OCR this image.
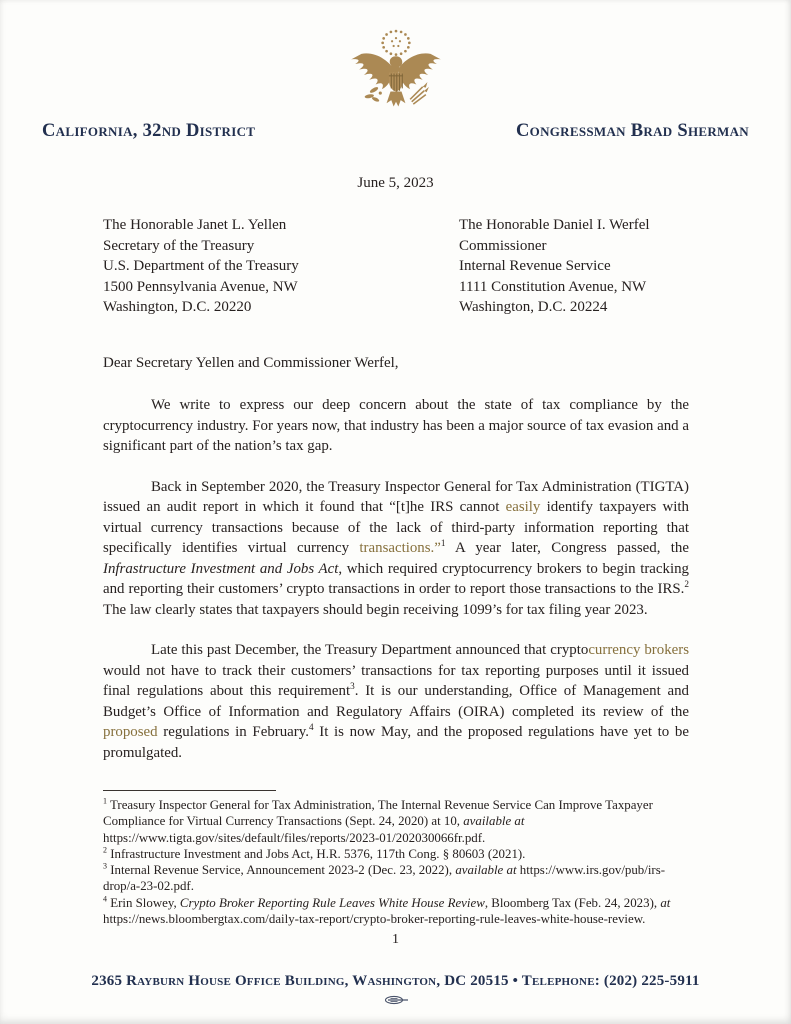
California, 32nd District	Congressman Brad Sherman
June 5, 2023
The Honorable Janet L. Yellen
Secretary of the Treasury
U.S. Department of the Treasury
1500 Pennsylvania Avenue, NW
Washington, D.C. 20220
The Honorable Daniel I. Werfel
Commissioner
Internal Revenue Service
1111 Constitution Avenue, NW
Washington, D.C. 20224
Dear Secretary Yellen and Commissioner Werfel,

We write to express our deep concern about the state of tax compliance by the cryptocurrency industry. For years now, that industry has been a major source of tax evasion and a significant part of the nation’s tax gap.

Back in September 2020, the Treasury Inspector General for Tax Administration (TIGTA) issued an audit report in which it found that “[t]he IRS cannot easily identify taxpayers with virtual currency transactions because of the lack of third-party information reporting that specifically identifies virtual currency transactions.”$^1$ A year later, Congress passed, the Infrastructure Investment and Jobs Act, which required cryptocurrency brokers to begin tracking and reporting their customers’ crypto transactions in order to report those transactions to the IRS.$^2$ The law clearly states that taxpayers should begin receiving 1099’s for tax filing year 2023.

Late this past December, the Treasury Department announced that cryptocurrency brokers would not have to track their customers’ transactions for tax reporting purposes until it issued final regulations about this requirement$^3$. It is our understanding, Office of Management and Budget’s Office of Information and Regulatory Affairs (OIRA) completed its review of the proposed regulations in February.$^4$ It is now May, and the proposed regulations have yet to be promulgated.

$^1$ Treasury Inspector General for Tax Administration, The Internal Revenue Service Can Improve Taxpayer Compliance for Virtual Currency Transactions (Sept. 24, 2020) at 10, available at https://www.tigta.gov/sites/default/files/reports/2023-01/202030066fr.pdf.
$^2$ Infrastructure Investment and Jobs Act, H.R. 5376, 117th Cong. § 80603 (2021).
$^3$ Internal Revenue Service, Announcement 2023-2 (Dec. 23, 2022), available at https://www.irs.gov/pub/irs-drop/a-23-02.pdf.
$^4$ Erin Slowey, Crypto Broker Reporting Rule Leaves White House Review, Bloomberg Tax (Feb. 24, 2023), at https://news.bloombergtax.com/daily-tax-report/crypto-broker-reporting-rule-leaves-white-house-review.
1
2365 Rayburn House Office Building, Washington, DC 20515 • Telephone: (202) 225-5911
